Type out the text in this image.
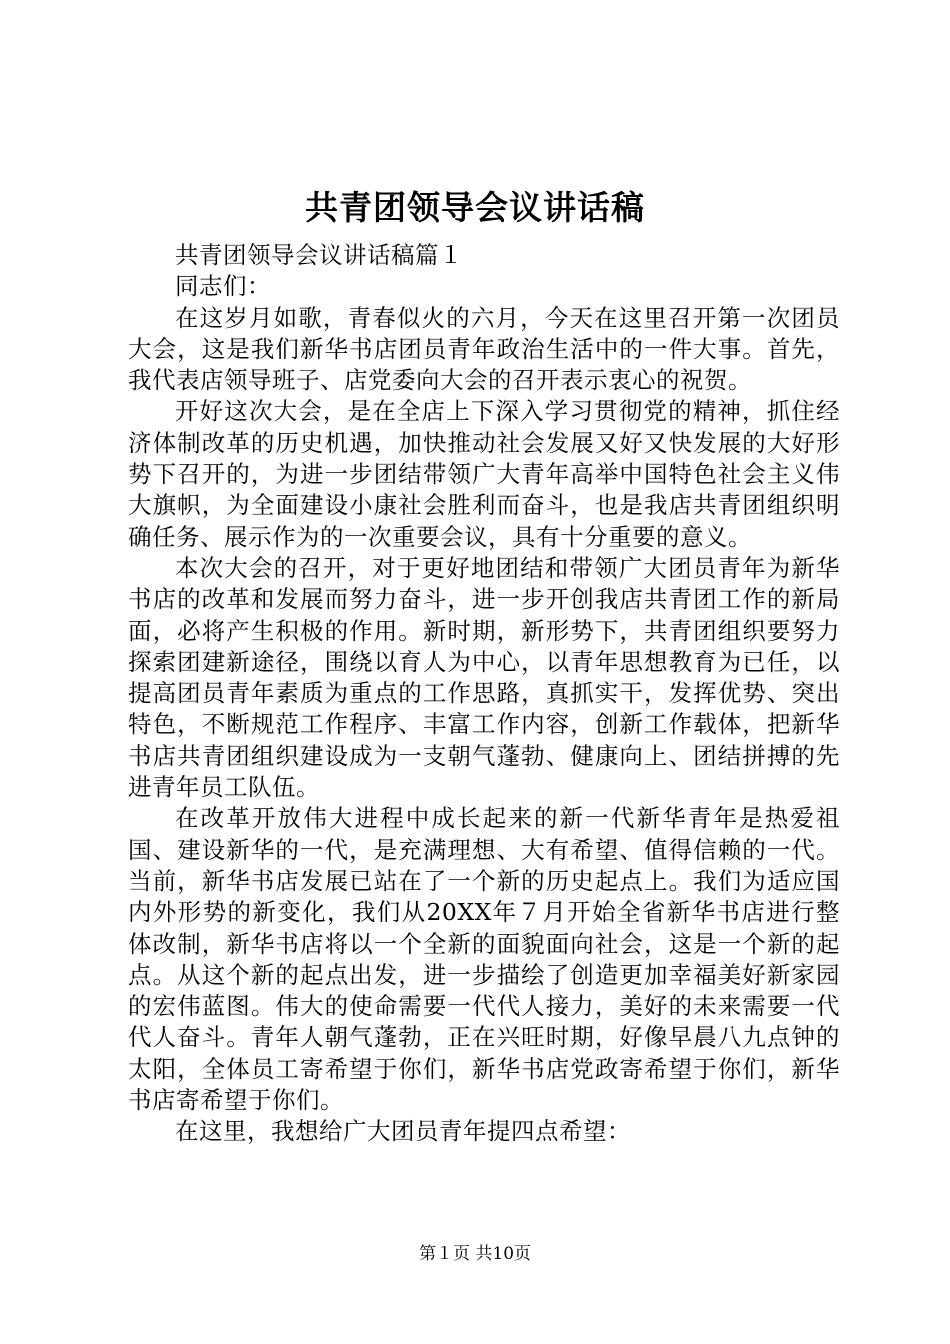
共青团领导会议讲话稿

共青团领导会议讲话稿篇１

同志们：

在这岁月如歌，青春似火的六月，今天在这里召开第一次团员大会，这是我们新华书店团员青年政治生活中的一件大事。首先，我代表店领导班子、店党委向大会的召开表示衷心的祝贺。

开好这次大会，是在全店上下深入学习贯彻党的精神，抓住经济体制改革的历史机遇，加快推动社会发展又好又快发展的大好形势下召开的，为进一步团结带领广大青年高举中国特色社会主义伟大旗帜，为全面建设小康社会胜利而奋斗，也是我店共青团组织明确任务、展示作为的一次重要会议，具有十分重要的意义。

本次大会的召开，对于更好地团结和带领广大团员青年为新华书店的改革和发展而努力奋斗，进一步开创我店共青团工作的新局面，必将产生积极的作用。新时期，新形势下，共青团组织要努力探索团建新途径，围绕以育人为中心，以青年思想教育为已任，以提高团员青年素质为重点的工作思路，真抓实干，发挥优势、突出特色，不断规范工作程序、丰富工作内容，创新工作载体，把新华书店共青团组织建设成为一支朝气蓬勃、健康向上、团结拼搏的先进青年员工队伍。

在改革开放伟大进程中成长起来的新一代新华青年是热爱祖国、建设新华的一代，是充满理想、大有希望、值得信赖的一代。当前，新华书店发展已站在了一个新的历史起点上。我们为适应国内外形势的新变化，我们从20XX年７月开始全省新华书店进行整体改制，新华书店将以一个全新的面貌面向社会，这是一个新的起点。从这个新的起点出发，进一步描绘了创造更加幸福美好新家园的宏伟蓝图。伟大的使命需要一代代人接力，美好的未来需要一代代人奋斗。青年人朝气蓬勃，正在兴旺时期，好像早晨八九点钟的太阳，全体员工寄希望于你们，新华书店党政寄希望于你们，新华书店寄希望于你们。

在这里，我想给广大团员青年提四点希望：

第１页 共10页
